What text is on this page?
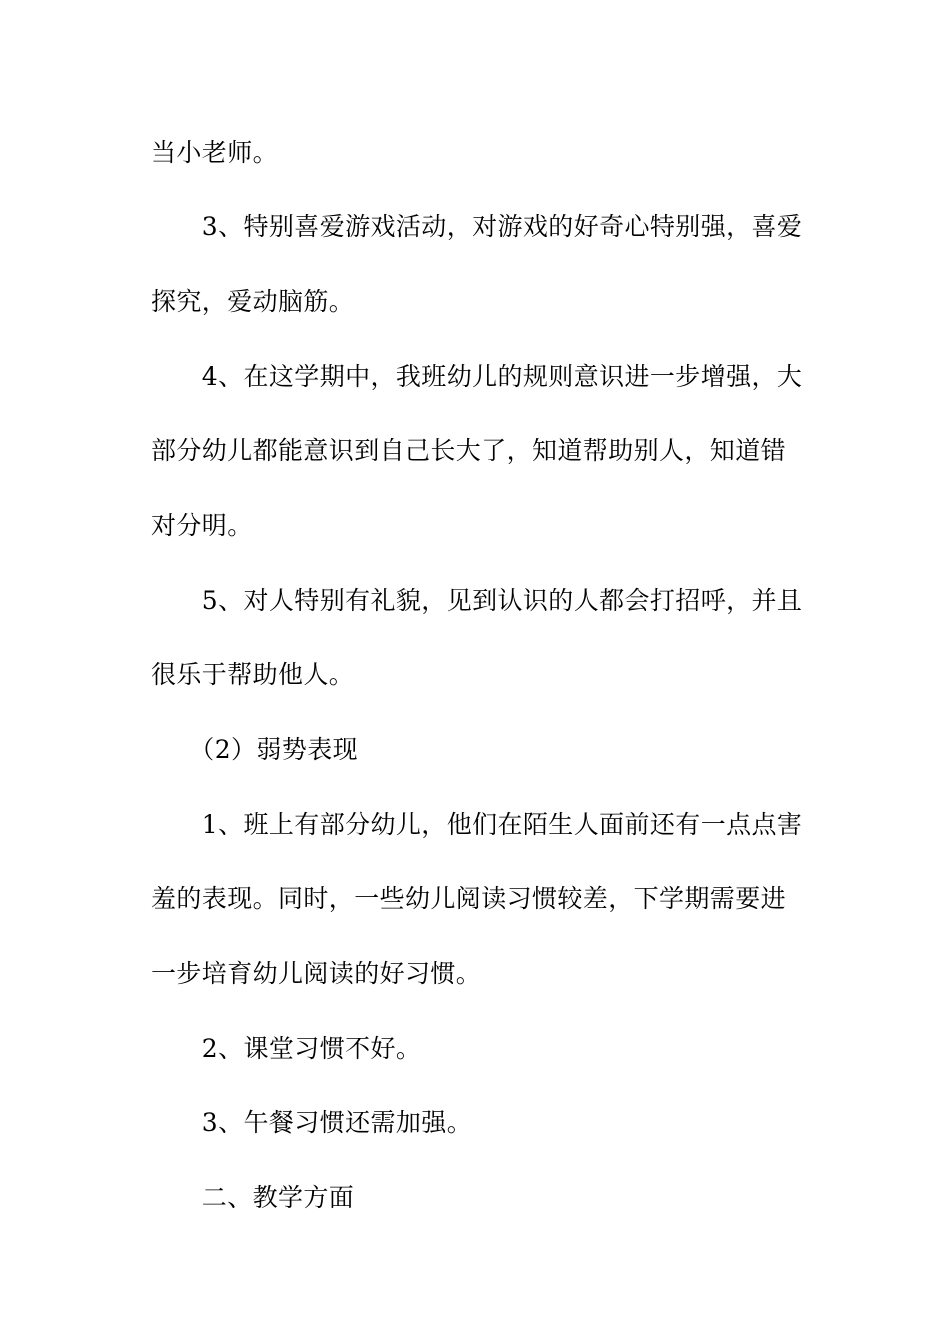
当小老师。
　　3、特别喜爱游戏活动，对游戏的好奇心特别强，喜爱
探究，爱动脑筋。
　　4、在这学期中，我班幼儿的规则意识进一步增强，大
部分幼儿都能意识到自己长大了，知道帮助别人，知道错
对分明。
　　5、对人特别有礼貌，见到认识的人都会打招呼，并且
很乐于帮助他人。
　　（2）弱势表现
　　1、班上有部分幼儿，他们在陌生人面前还有一点点害
羞的表现。同时，一些幼儿阅读习惯较差，下学期需要进
一步培育幼儿阅读的好习惯。
　　2、课堂习惯不好。
　　3、午餐习惯还需加强。
　　二、教学方面
